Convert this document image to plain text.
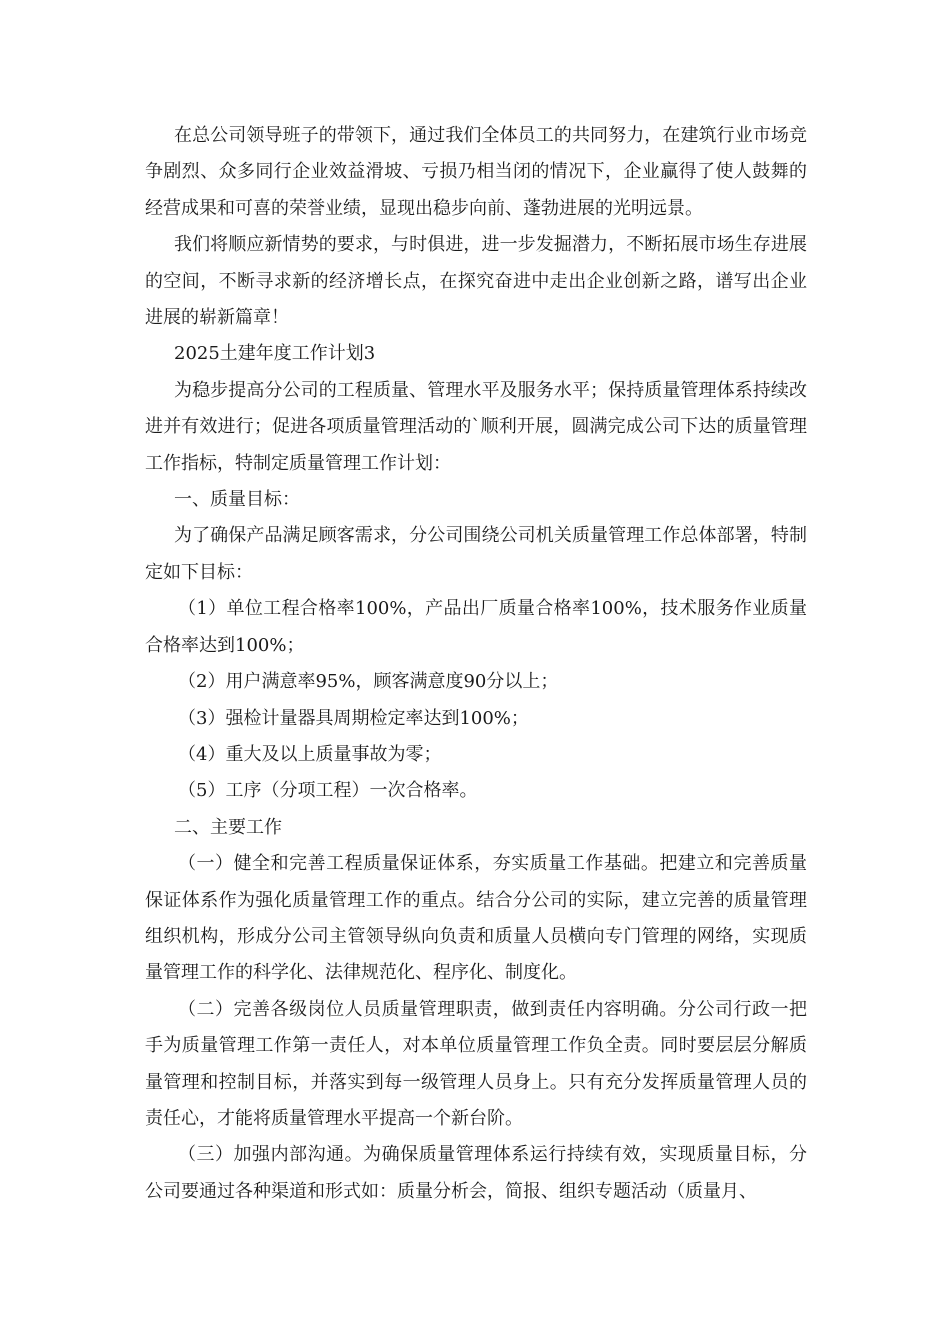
在总公司领导班子的带领下，通过我们全体员工的共同努力，在建筑行业市场竞争剧烈、众多同行企业效益滑坡、亏损乃相当闭的情况下，企业赢得了使人鼓舞的经营成果和可喜的荣誉业绩，显现出稳步向前、蓬勃进展的光明远景。

我们将顺应新情势的要求，与时俱进，进一步发掘潜力，不断拓展市场生存进展的空间，不断寻求新的经济增长点，在探究奋进中走出企业创新之路，谱写出企业进展的崭新篇章！

2025土建年度工作计划3

为稳步提高分公司的工程质量、管理水平及服务水平；保持质量管理体系持续改进并有效进行；促进各项质量管理活动的`顺利开展，圆满完成公司下达的质量管理工作指标，特制定质量管理工作计划：

一、质量目标：

为了确保产品满足顾客需求，分公司围绕公司机关质量管理工作总体部署，特制定如下目标：

（1）单位工程合格率100%，产品出厂质量合格率100%，技术服务作业质量合格率达到100%；

（2）用户满意率95%，顾客满意度90分以上；

（3）强检计量器具周期检定率达到100%；

（4）重大及以上质量事故为零；

（5）工序（分项工程）一次合格率。

二、主要工作

（一）健全和完善工程质量保证体系，夯实质量工作基础。把建立和完善质量保证体系作为强化质量管理工作的重点。结合分公司的实际，建立完善的质量管理组织机构，形成分公司主管领导纵向负责和质量人员横向专门管理的网络，实现质量管理工作的科学化、法律规范化、程序化、制度化。

（二）完善各级岗位人员质量管理职责，做到责任内容明确。分公司行政一把手为质量管理工作第一责任人，对本单位质量管理工作负全责。同时要层层分解质量管理和控制目标，并落实到每一级管理人员身上。只有充分发挥质量管理人员的责任心，才能将质量管理水平提高一个新台阶。

（三）加强内部沟通。为确保质量管理体系运行持续有效，实现质量目标，分公司要通过各种渠道和形式如：质量分析会，简报、组织专题活动（质量月、
